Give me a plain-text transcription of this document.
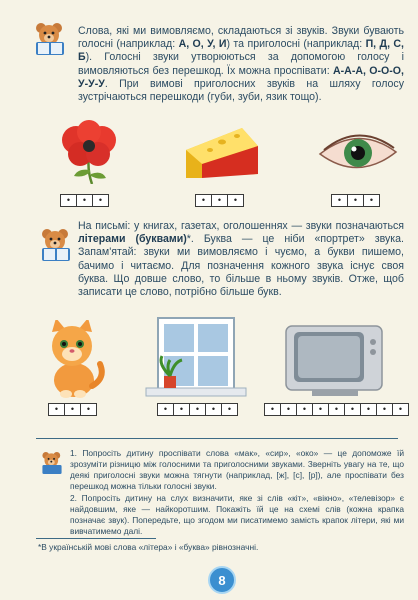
Слова, які ми вимовляємо, складаються зі звуків. Звуки бувають голосні (наприклад: А, О, У, И) та приголосні (наприклад: П, Д, С, Б). Голосні звуки утворюються за допомогою голосу і вимовляються без перешкод. Їх можна проспівати: А-А-А, О-О-О, У-У-У. При вимові приголосних звуків на шляху голосу зустрічаються перешкоди (губи, зуби, язик тощо).
•	•	•	•	•	•	•	•	•
На письмі: у книгах, газетах, оголошеннях — звуки позначаються літерами (буквами)*. Буква — це ніби «портрет» звука. Запам'ятай: звуки ми вимовляємо і чуємо, а букви пишемо, бачимо і читаємо. Для позначення кожного звука існує своя буква. Що довше слово, то більше в ньому звуків. Отже, щоб записати це слово, потрібно більше букв.
•	•	•	•	•	•	•	•	•	•	•	•	•	•	•	•	•
1. Попросіть дитину проспівати слова «мак», «сир», «око» — це допоможе їй зрозуміти різницю між голосними та приголосними звуками. Зверніть увагу на те, що деякі приголосні звуки можна тягнути (наприклад, [ж], [с], [р]), але проспівати без перешкод можна тільки голосні звуки.
2. Попросіть дитину на слух визначити, яке зі слів «кіт», «вікно», «телевізор» є найдовшим, яке — найкоротшим. Покажіть їй це на схемі слів (кожна крапка позначає звук). Попередьте, що згодом ми писатимемо замість крапок літери, які ми вивчатимемо далі.
*В українській мові слова «літера» і «буква» рівнозначні.
8
